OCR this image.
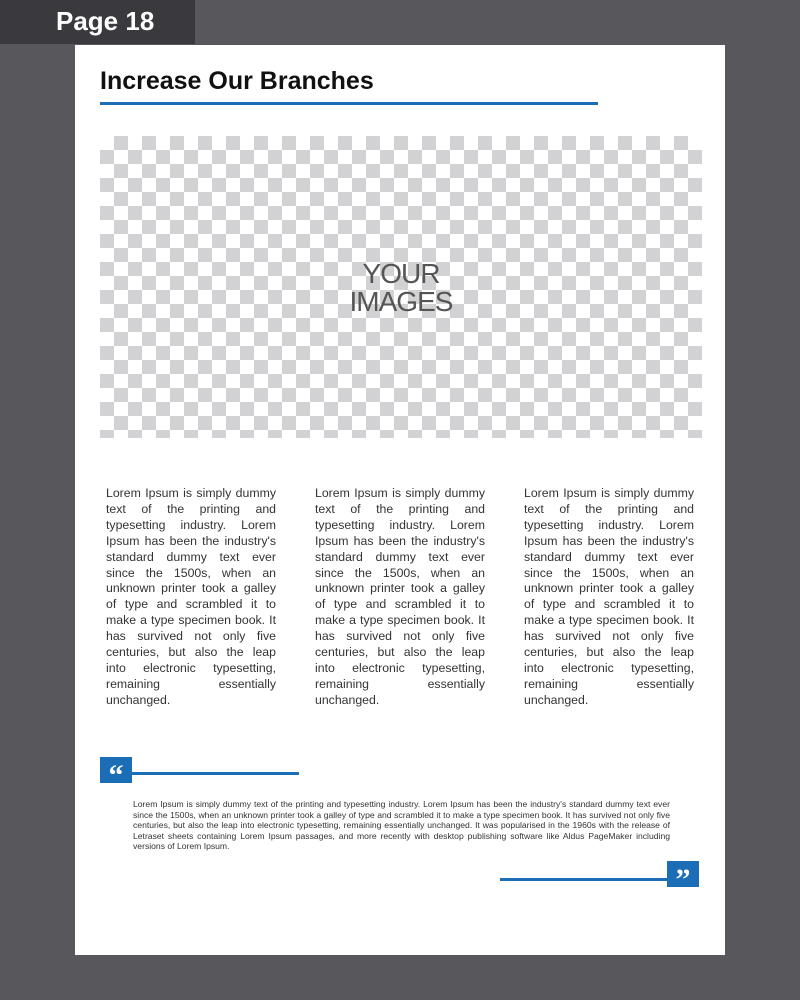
Page 18
Increase Our Branches
YOUR
IMAGES
Lorem Ipsum is simply dummy text of the printing and typesetting industry. Lorem Ipsum has been the industry's standard dummy text ever since the 1500s, when an unknown printer took a galley of type and scrambled it to make a type specimen book. It has survived not only five centuries, but also the leap into electronic typesetting, remaining essentially unchanged.
Lorem Ipsum is simply dummy text of the printing and typesetting industry. Lorem Ipsum has been the industry's standard dummy text ever since the 1500s, when an unknown printer took a galley of type and scrambled it to make a type specimen book. It has survived not only five centuries, but also the leap into electronic typesetting, remaining essentially unchanged.
Lorem Ipsum is simply dummy text of the printing and typesetting industry. Lorem Ipsum has been the industry's standard dummy text ever since the 1500s, when an unknown printer took a galley of type and scrambled it to make a type specimen book. It has survived not only five centuries, but also the leap into electronic typesetting, remaining essentially unchanged.
“
Lorem Ipsum is simply dummy text of the printing and typesetting industry. Lorem Ipsum has been the industry's standard dummy text ever since the 1500s, when an unknown printer took a galley of type and scrambled it to make a type specimen book. It has survived not only five centuries, but also the leap into electronic typesetting, remaining essentially unchanged. It was popularised in the 1960s with the release of Letraset sheets containing Lorem Ipsum passages, and more recently with desktop publishing software like Aldus PageMaker including versions of Lorem Ipsum.
”
